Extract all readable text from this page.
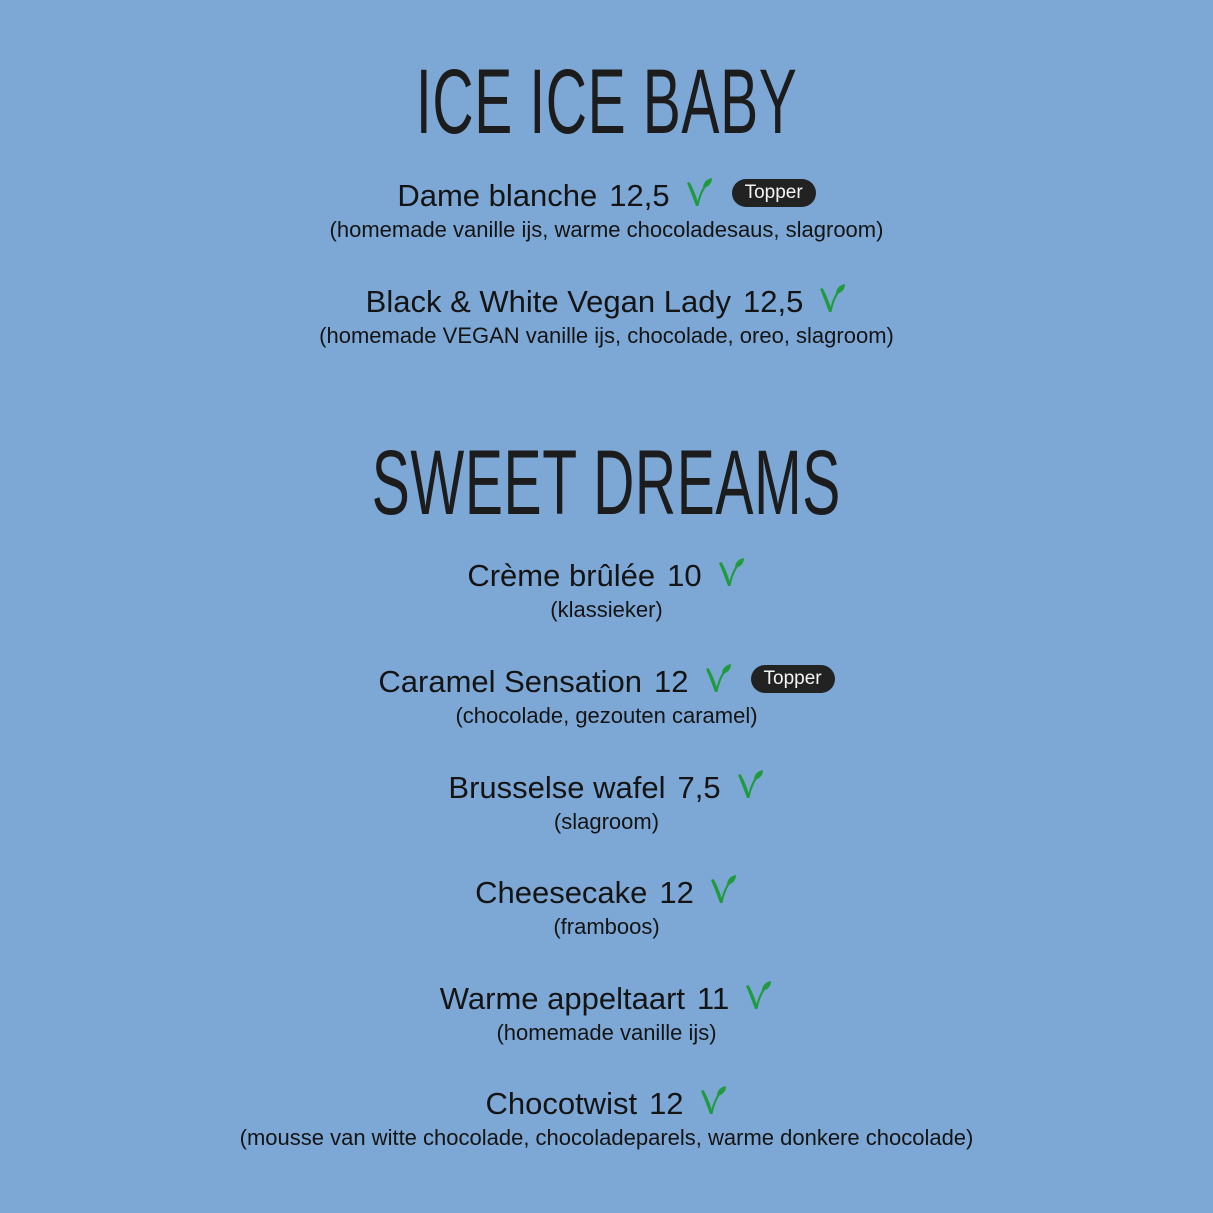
ICE ICE BABY
Dame blanche 12,5	Topper
(homemade vanille ijs, warme chocoladesaus, slagroom)
Black & White Vegan Lady 12,5
(homemade VEGAN vanille ijs, chocolade, oreo, slagroom)
SWEET DREAMS
Crème brûlée 10
(klassieker)
Caramel Sensation 12	Topper
(chocolade, gezouten caramel)
Brusselse wafel 7,5
(slagroom)
Cheesecake 12
(framboos)
Warme appeltaart 11
(homemade vanille ijs)
Chocotwist 12
(mousse van witte chocolade, chocoladeparels, warme donkere chocolade)
